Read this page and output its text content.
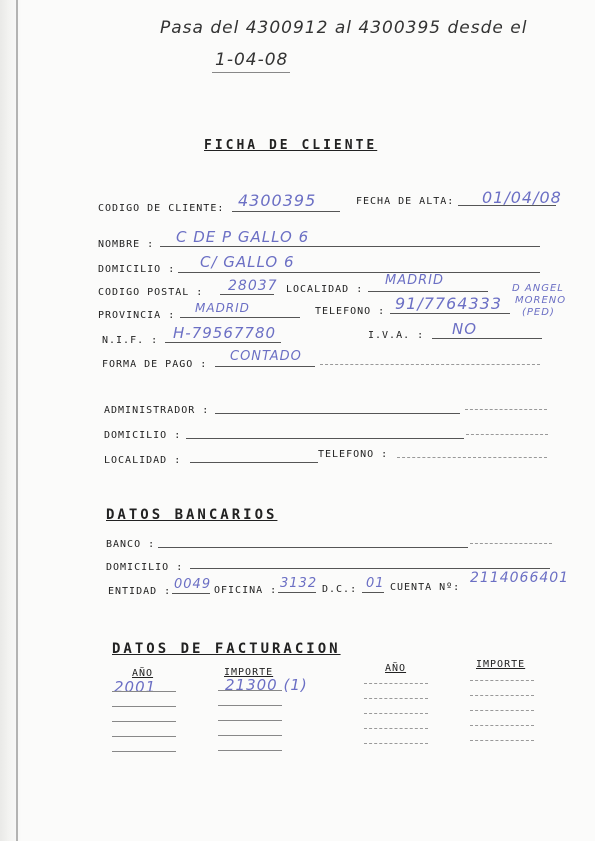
Pasa del 4300912 al 4300395 desde el
1-04-08
FICHA DE CLIENTE
CODIGO DE CLIENTE: 4300395	FECHA DE ALTA: 01/04/08
NOMBRE : C DE P GALLO 6
DOMICILIO : C/ GALLO 6
CODIGO POSTAL : 28037 LOCALIDAD :
MADRID
D ANGEL
MORENO
(PED)
PROVINCIA :
MADRID	TELEFONO : 91/7764333
N.I.F. : H-79567780	I.V.A. : NO
FORMA DE PAGO :
CONTADO
ADMINISTRADOR :
DOMICILIO :
LOCALIDAD :
TELEFONO :
DATOS BANCARIOS
BANCO :
DOMICILIO :
ENTIDAD : 0049 OFICINA : 3132 D.C.: 01 CUENTA Nº:
2114066401
DATOS DE FACTURACION
AÑO	IMPORTE	AÑO	IMPORTE
2001	21300 (1)
